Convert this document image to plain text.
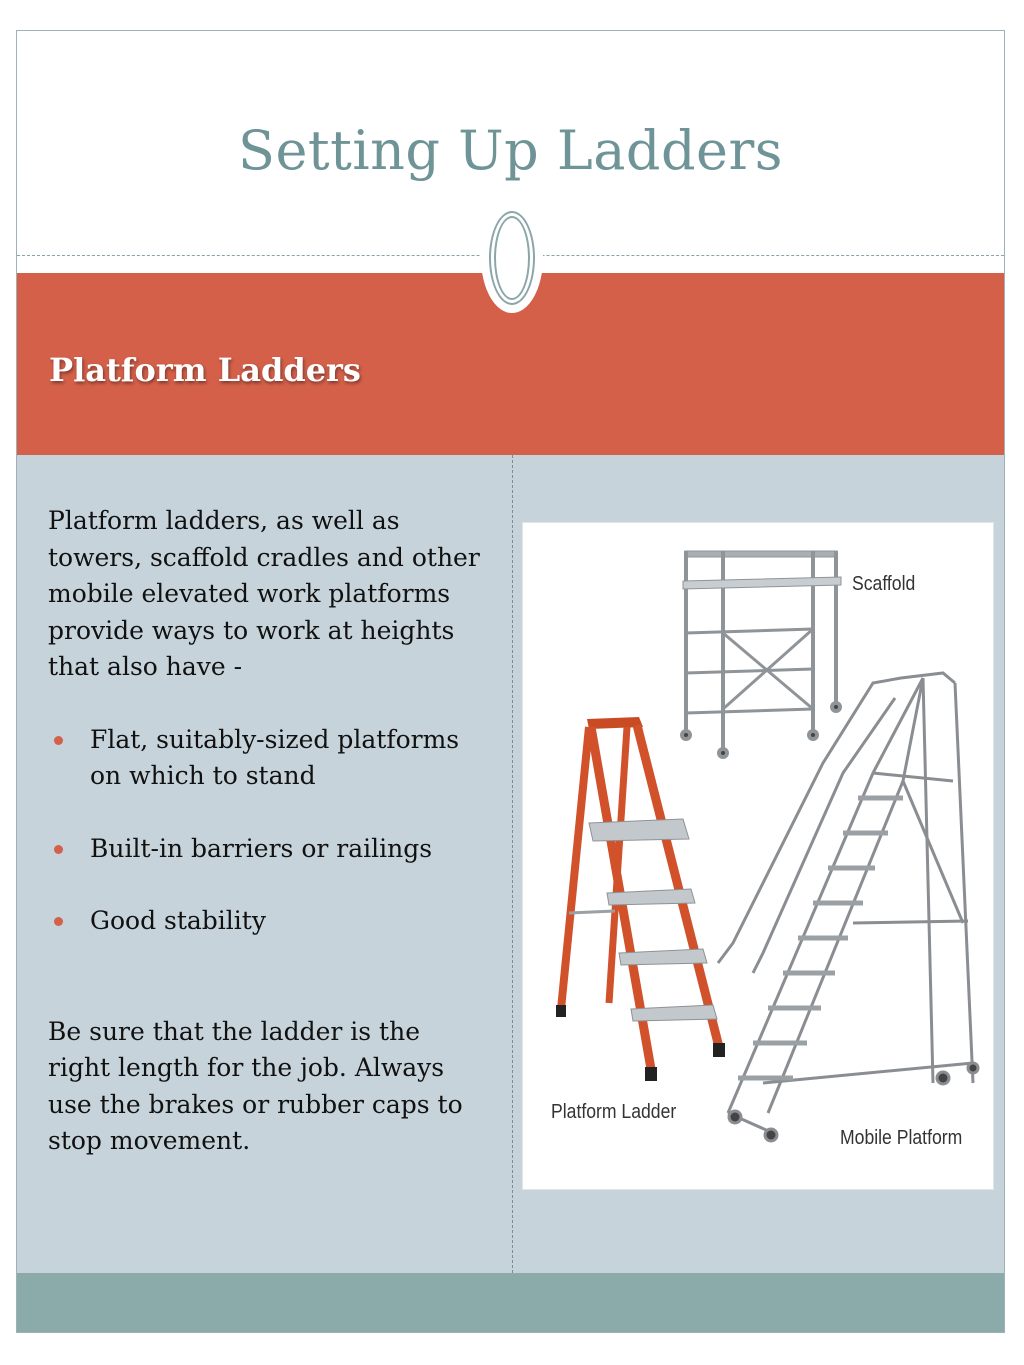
Setting Up Ladders
Platform Ladders

Platform ladders, as well as towers, scaffold cradles and other mobile elevated work platforms provide ways to work at heights that also have -

Flat, suitably-sized platforms on which to stand
Built-in barriers or railings
Good stability

Be sure that the ladder is the right length for the job. Always use the brakes or rubber caps to stop movement.

Scaffold
Platform Ladder
Mobile Platform
